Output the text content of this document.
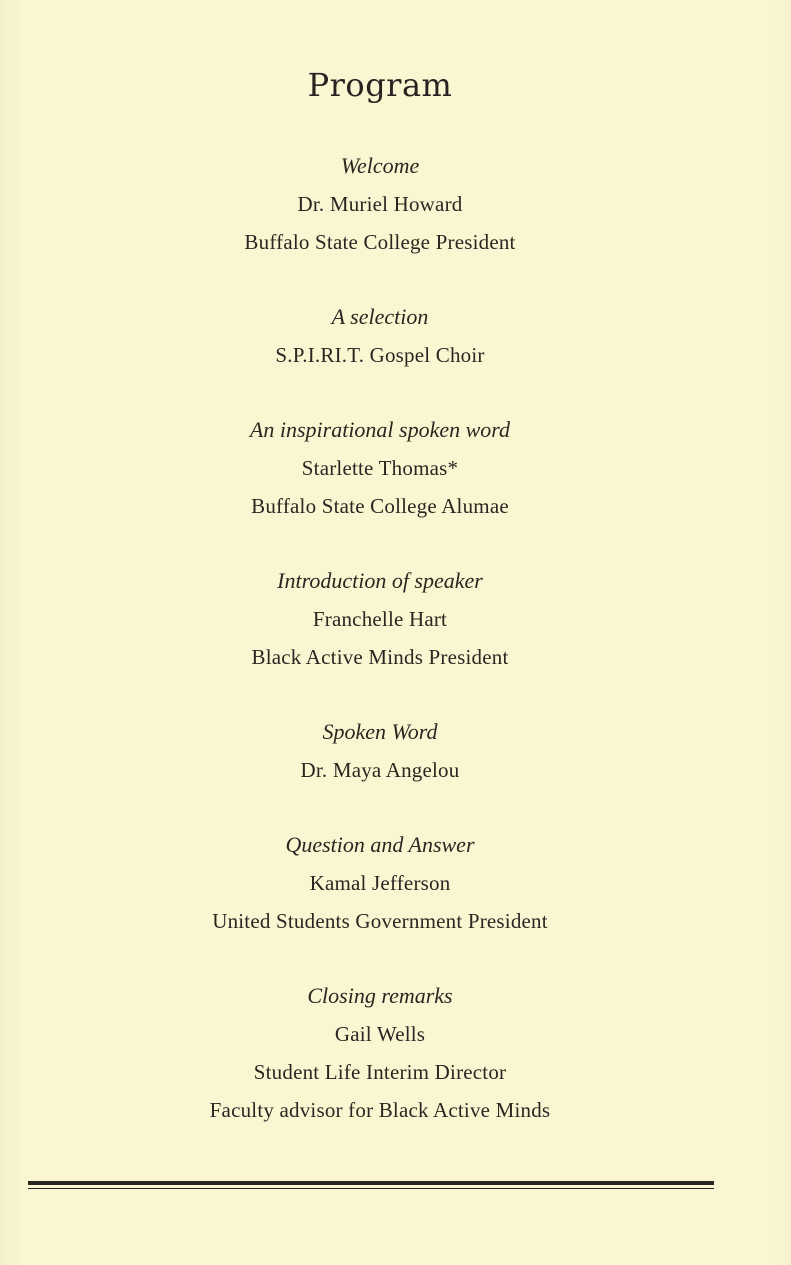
Program
Welcome
Dr. Muriel Howard
Buffalo State College President
A selection
S.P.I.RI.T. Gospel Choir
An inspirational spoken word
Starlette Thomas*
Buffalo State College Alumae
Introduction of speaker
Franchelle Hart
Black Active Minds President
Spoken Word
Dr. Maya Angelou
Question and Answer
Kamal Jefferson
United Students Government President
Closing remarks
Gail Wells
Student Life Interim Director
Faculty advisor for Black Active Minds
